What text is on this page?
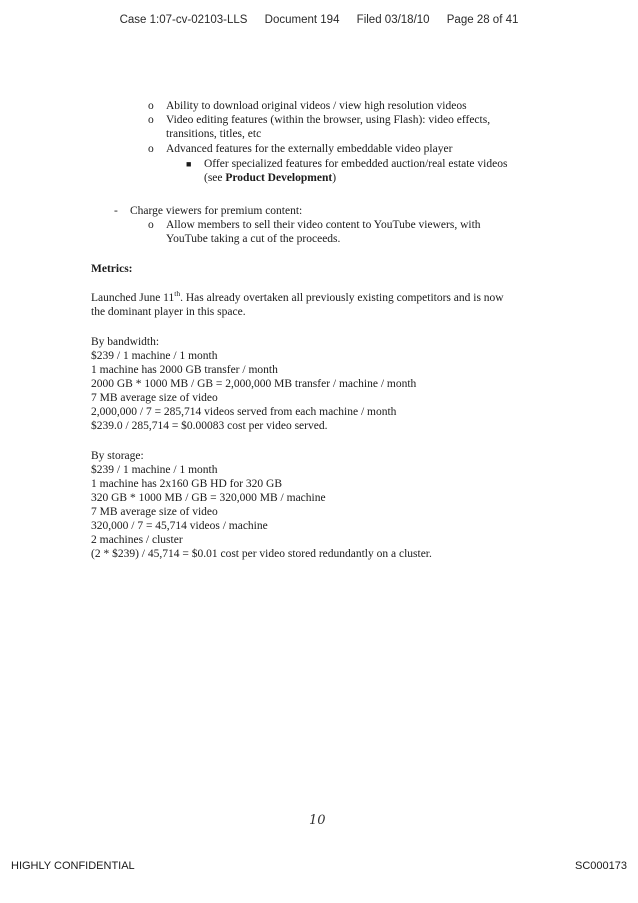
Case 1:07-cv-02103-LLS Document 194 Filed 03/18/10 Page 28 of 41
o Ability to download original videos / view high resolution videos
o Video editing features (within the browser, using Flash): video effects,
transitions, titles, etc
o Advanced features for the externally embeddable video player
■ Offer specialized features for embedded auction/real estate videos
(see Product Development)
- Charge viewers for premium content:
o Allow members to sell their video content to YouTube viewers, with
YouTube taking a cut of the proceeds.
Metrics:
Launched June 11th. Has already overtaken all previously existing competitors and is now
the dominant player in this space.
By bandwidth:
$239 / 1 machine / 1 month
1 machine has 2000 GB transfer / month
2000 GB * 1000 MB / GB = 2,000,000 MB transfer / machine / month
7 MB average size of video
2,000,000 / 7 = 285,714 videos served from each machine / month
$239.0 / 285,714 = $0.00083 cost per video served.
By storage:
$239 / 1 machine / 1 month
1 machine has 2x160 GB HD for 320 GB
320 GB * 1000 MB / GB = 320,000 MB / machine
7 MB average size of video
320,000 / 7 = 45,714 videos / machine
2 machines / cluster
(2 * $239) / 45,714 = $0.01 cost per video stored redundantly on a cluster.
10
HIGHLY CONFIDENTIAL	SC000173
